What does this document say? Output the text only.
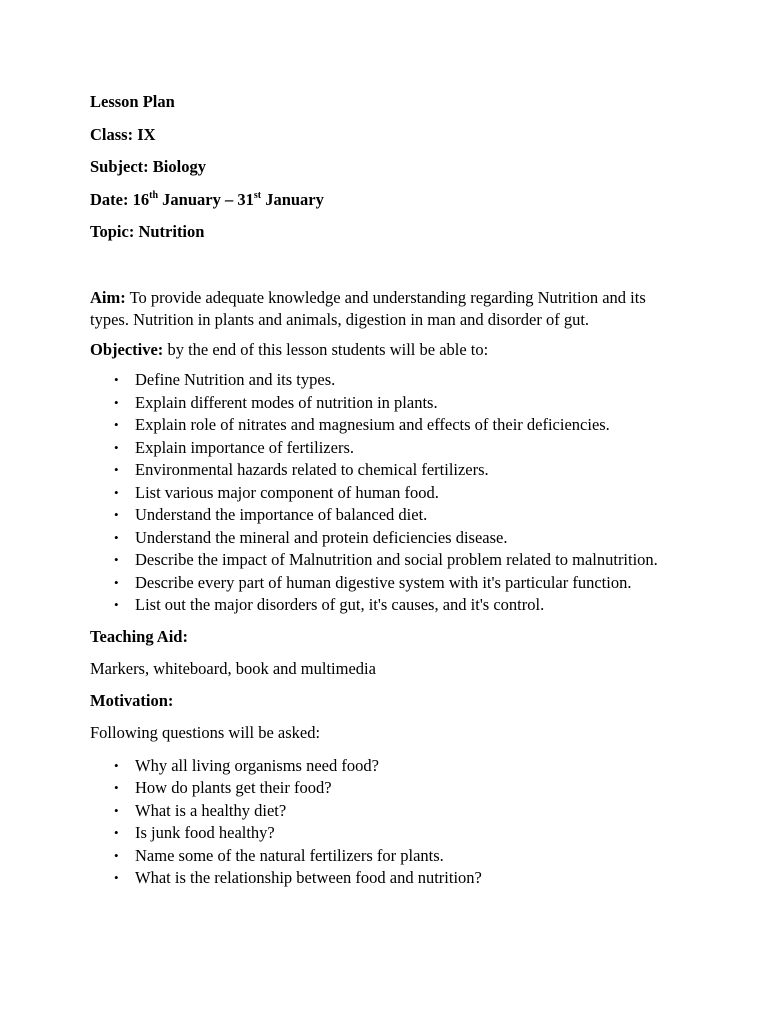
Lesson Plan
Class: IX
Subject: Biology
Date: 16th January – 31st January
Topic: Nutrition

Aim: To provide adequate knowledge and understanding regarding Nutrition and its types. Nutrition in plants and animals, digestion in man and disorder of gut.

Objective: by the end of this lesson students will be able to:

• Define Nutrition and its types.
• Explain different modes of nutrition in plants.
• Explain role of nitrates and magnesium and effects of their deficiencies.
• Explain importance of fertilizers.
• Environmental hazards related to chemical fertilizers.
• List various major component of human food.
• Understand the importance of balanced diet.
• Understand the mineral and protein deficiencies disease.
• Describe the impact of Malnutrition and social problem related to malnutrition.
• Describe every part of human digestive system with it's particular function.
• List out the major disorders of gut, it's causes, and it's control.
Teaching Aid:
Markers, whiteboard, book and multimedia
Motivation:
Following questions will be asked:
• Why all living organisms need food?
• How do plants get their food?
• What is a healthy diet?
• Is junk food healthy?
• Name some of the natural fertilizers for plants.
• What is the relationship between food and nutrition?
